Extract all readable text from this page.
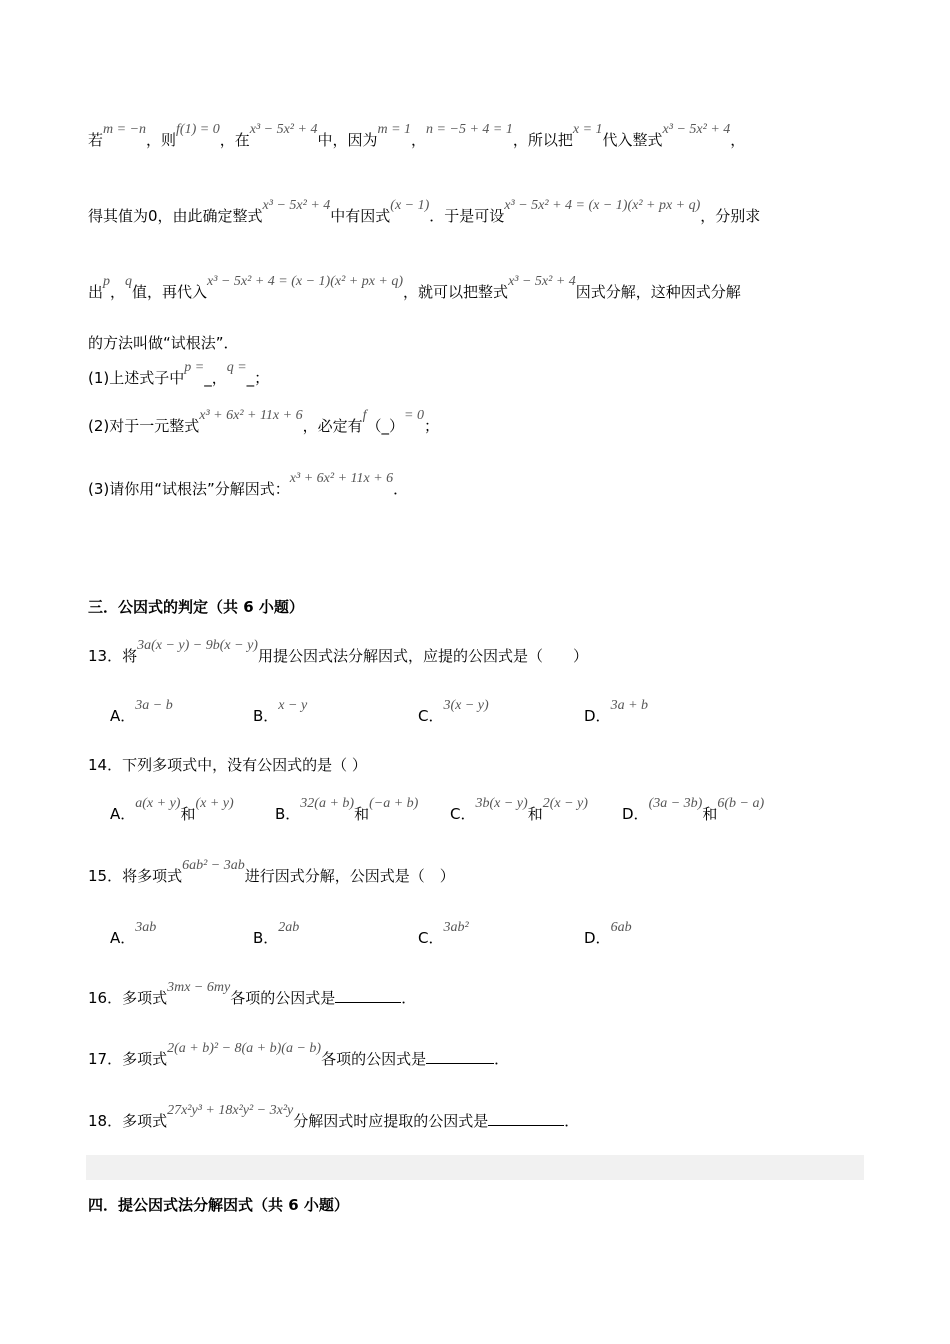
若m = −n，则f(1) = 0，在x³ − 5x² + 4中，因为m = 1，n = −5 + 4 = 1，所以把x = 1代入整式x³ − 5x² + 4，
得其值为0，由此确定整式x³ − 5x² + 4中有因式(x − 1)．于是可设x³ − 5x² + 4 = (x − 1)(x² + px + q)，分别求
出p，q值，再代入x³ − 5x² + 4 = (x − 1)(x² + px + q)，就可以把整式x³ − 5x² + 4因式分解，这种因式分解
的方法叫做“试根法”．
(1)上述式子中p =_，q =_；
(2)对于一元整式x³ + 6x² + 11x + 6，必定有f（_）= 0；
(3)请你用“试根法”分解因式：x³ + 6x² + 11x + 6．
三．公因式的判定（共 6 小题）
13．将3a(x − y) − 9b(x − y)用提公因式法分解因式，应提的公因式是（　　）
A．3a − b
B．x − y
C．3(x − y)
D．3a + b
14．下列多项式中，没有公因式的是（ ）
A．a(x + y)和(x + y)
B．32(a + b)和(−a + b)
C．3b(x − y)和2(x − y)
D．(3a − 3b)和6(b − a)
15．将多项式6ab² − 3ab进行因式分解，公因式是（　）
A．3ab
B．2ab
C．3ab²
D．6ab
16．多项式3mx − 6my各项的公因式是	．
17．多项式2(a + b)² − 8(a + b)(a − b)各项的公因式是	．
18．多项式27x²y³ + 18x²y² − 3x²y分解因式时应提取的公因式是	．
四．提公因式法分解因式（共 6 小题）
